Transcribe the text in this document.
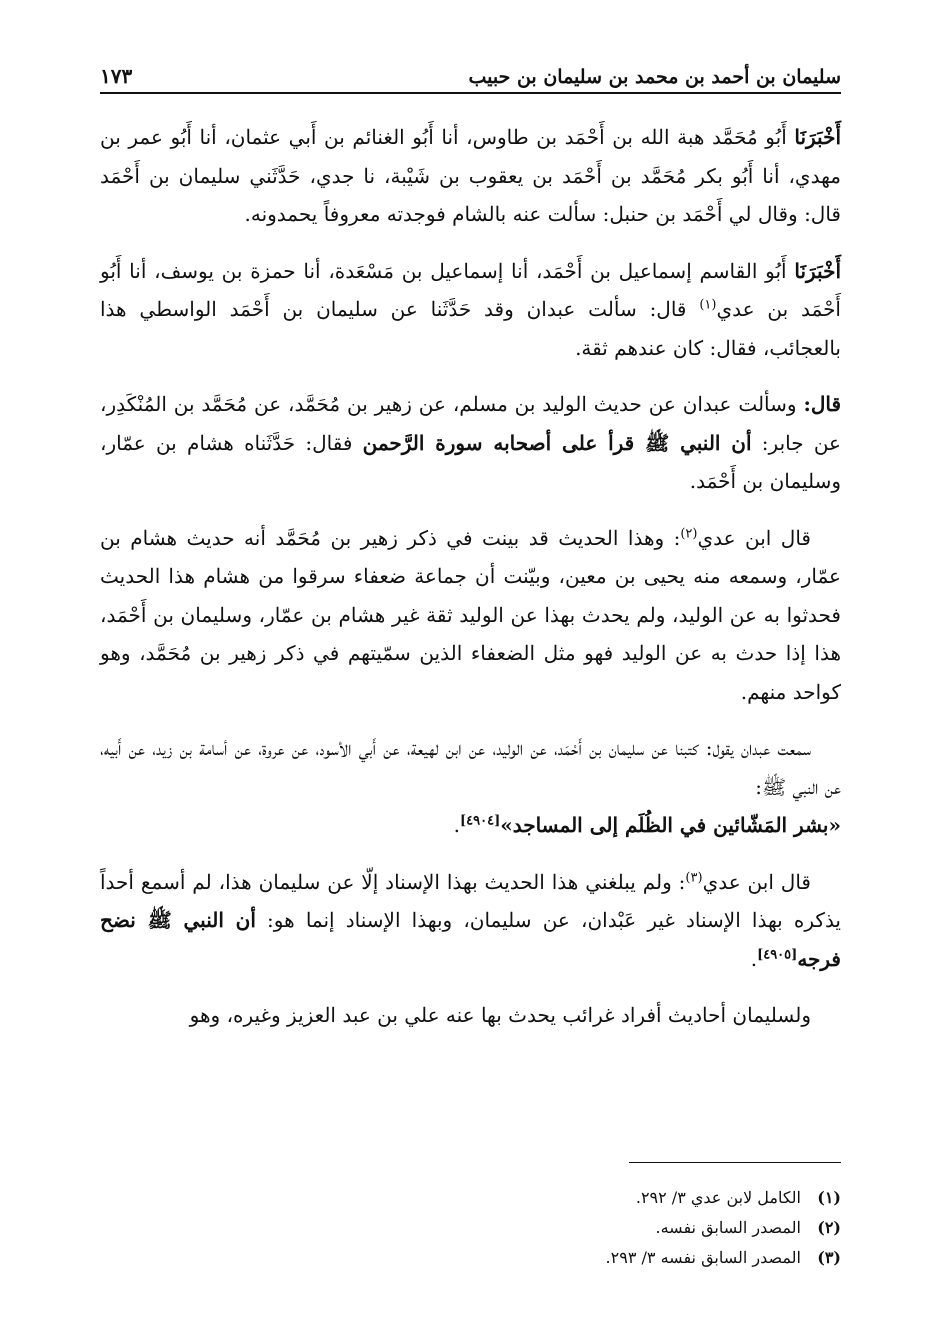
سليمان بن أحمد بن محمد بن سليمان بن حبيب
١٧٣

أَخْبَرَنَا أَبُو مُحَمَّد هبة الله بن أَحْمَد بن طاوس، أنا أَبُو الغنائم بن أَبي عثمان، أنا أَبُو عمر بن مهدي، أنا أَبُو بكر مُحَمَّد بن أَحْمَد بن يعقوب بن شَيْبة، نا جدي، حَدَّثَني سليمان بن أَحْمَد قال: وقال لي أَحْمَد بن حنبل: سألت عنه بالشام فوجدته معروفاً يحمدونه.

أَخْبَرَنَا أَبُو القاسم إسماعيل بن أَحْمَد، أنا إسماعيل بن مَسْعَدة، أنا حمزة بن يوسف، أنا أَبُو أَحْمَد بن عدي$^{(١)}$ قال: سألت عبدان وقد حَدَّثَنا عن سليمان بن أَحْمَد الواسطي هذا بالعجائب، فقال: كان عندهم ثقة.

قال: وسألت عبدان عن حديث الوليد بن مسلم، عن زهير بن مُحَمَّد، عن مُحَمَّد بن المُنْكَدِر، عن جابر: أن النبي ﷺ قرأ على أصحابه سورة الرَّحمن فقال: حَدَّثَناه هشام بن عمّار، وسليمان بن أَحْمَد.

قال ابن عدي$^{(٢)}$: وهذا الحديث قد بينت في ذكر زهير بن مُحَمَّد أنه حديث هشام بن عمّار، وسمعه منه يحيى بن معين، وبيّنت أن جماعة ضعفاء سرقوا من هشام هذا الحديث فحدثوا به عن الوليد، ولم يحدث بهذا عن الوليد ثقة غير هشام بن عمّار، وسليمان بن أَحْمَد، هذا إذا حدث به عن الوليد فهو مثل الضعفاء الذين سمّيتهم في ذكر زهير بن مُحَمَّد، وهو كواحد منهم.

سمعت عبدان يقول: كتبنا عن سليمان بن أَحْمَد، عن الوليد، عن ابن لهيعة، عن أَبي الأسود، عن عروة، عن أسامة بن زيد، عن أَبيه، عن النبي ﷺ:
«بشر المَشّائين في الظُلَم إلى المساجد»[٤٩٠٤].

قال ابن عدي$^{(٣)}$: ولم يبلغني هذا الحديث بهذا الإسناد إلّا عن سليمان هذا، لم أسمع أحداً يذكره بهذا الإسناد غير عَبْدان، عن سليمان، وبهذا الإسناد إنما هو: أن النبي ﷺ نضح فرجه[٤٩٠٥].

ولسليمان أحاديث أفراد غرائب يحدث بها عنه علي بن عبد العزيز وغيره، وهو

(١)
الكامل لابن عدي ٣/ ٢٩٢.
(٢)
المصدر السابق نفسه.
(٣)
المصدر السابق نفسه ٣/ ٢٩٣.
